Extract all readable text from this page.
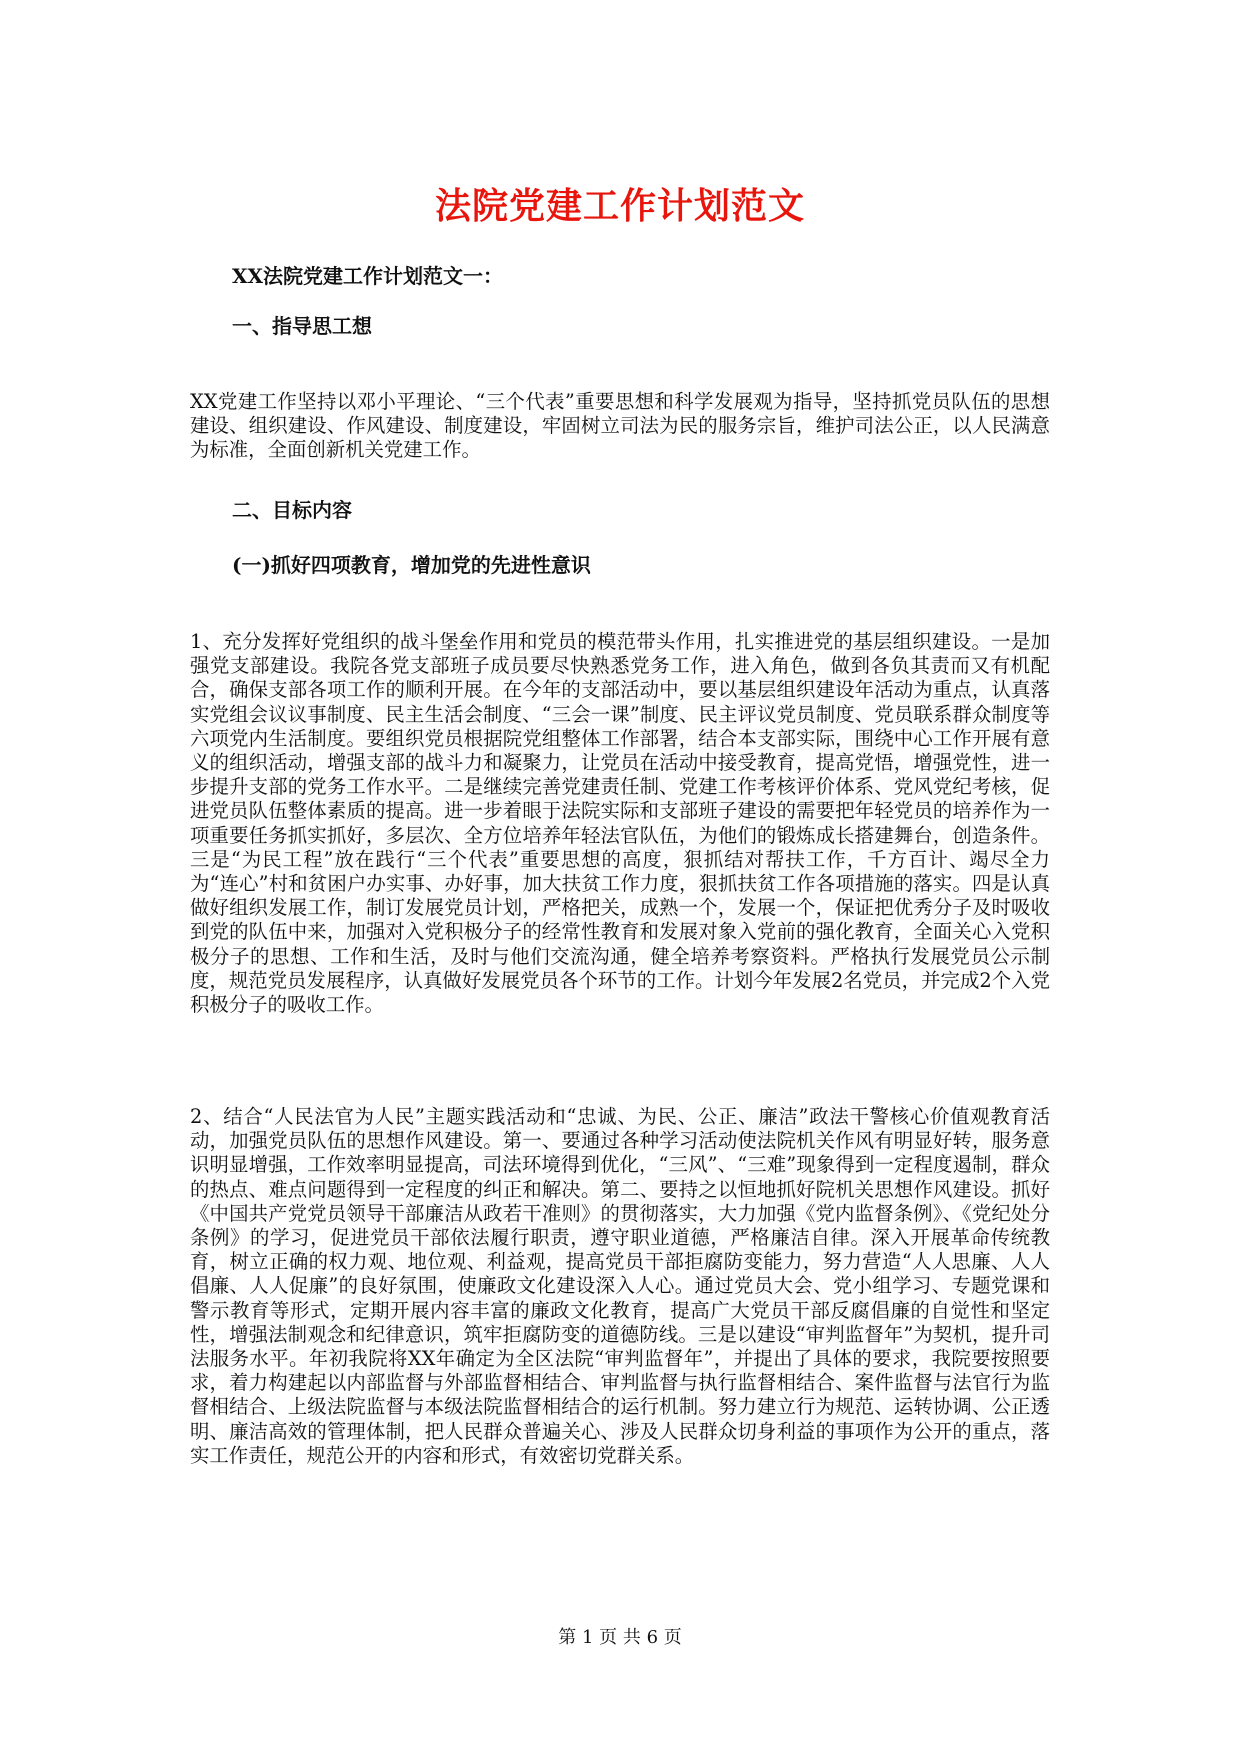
法院党建工作计划范文

XX法院党建工作计划范文一：

一、指导思工想

XX党建工作坚持以邓小平理论、“三个代表”重要思想和科学发展观为指导，坚持抓党员队伍的思想建设、组织建设、作风建设、制度建设，牢固树立司法为民的服务宗旨，维护司法公正，以人民满意为标准，全面创新机关党建工作。

二、目标内容

(一)抓好四项教育，增加党的先进性意识

1、充分发挥好党组织的战斗堡垒作用和党员的模范带头作用，扎实推进党的基层组织建设。一是加强党支部建设。我院各党支部班子成员要尽快熟悉党务工作，进入角色，做到各负其责而又有机配合，确保支部各项工作的顺利开展。在今年的支部活动中，要以基层组织建设年活动为重点，认真落实党组会议议事制度、民主生活会制度、“三会一课”制度、民主评议党员制度、党员联系群众制度等六项党内生活制度。要组织党员根据院党组整体工作部署，结合本支部实际，围绕中心工作开展有意义的组织活动，增强支部的战斗力和凝聚力，让党员在活动中接受教育，提高党悟，增强党性，进一步提升支部的党务工作水平。二是继续完善党建责任制、党建工作考核评价体系、党风党纪考核，促进党员队伍整体素质的提高。进一步着眼于法院实际和支部班子建设的需要把年轻党员的培养作为一项重要任务抓实抓好，多层次、全方位培养年轻法官队伍，为他们的锻炼成长搭建舞台，创造条件。三是“为民工程”放在践行“三个代表”重要思想的高度，狠抓结对帮扶工作，千方百计、竭尽全力为“连心”村和贫困户办实事、办好事，加大扶贫工作力度，狠抓扶贫工作各项措施的落实。四是认真做好组织发展工作，制订发展党员计划，严格把关，成熟一个，发展一个，保证把优秀分子及时吸收到党的队伍中来，加强对入党积极分子的经常性教育和发展对象入党前的强化教育，全面关心入党积极分子的思想、工作和生活，及时与他们交流沟通，健全培养考察资料。严格执行发展党员公示制度，规范党员发展程序，认真做好发展党员各个环节的工作。计划今年发展2名党员，并完成2个入党积极分子的吸收工作。

2、结合“人民法官为人民”主题实践活动和“忠诚、为民、公正、廉洁”政法干警核心价值观教育活动，加强党员队伍的思想作风建设。第一、要通过各种学习活动使法院机关作风有明显好转，服务意识明显增强，工作效率明显提高，司法环境得到优化，“三风”、“三难”现象得到一定程度遏制，群众的热点、难点问题得到一定程度的纠正和解决。第二、要持之以恒地抓好院机关思想作风建设。抓好《中国共产党党员领导干部廉洁从政若干准则》的贯彻落实，大力加强《党内监督条例》、《党纪处分条例》的学习，促进党员干部依法履行职责，遵守职业道德，严格廉洁自律。深入开展革命传统教育，树立正确的权力观、地位观、利益观，提高党员干部拒腐防变能力，努力营造“人人思廉、人人倡廉、人人促廉”的良好氛围，使廉政文化建设深入人心。通过党员大会、党小组学习、专题党课和警示教育等形式，定期开展内容丰富的廉政文化教育，提高广大党员干部反腐倡廉的自觉性和坚定性，增强法制观念和纪律意识，筑牢拒腐防变的道德防线。三是以建设“审判监督年”为契机，提升司法服务水平。年初我院将XX年确定为全区法院“审判监督年”，并提出了具体的要求，我院要按照要求，着力构建起以内部监督与外部监督相结合、审判监督与执行监督相结合、案件监督与法官行为监督相结合、上级法院监督与本级法院监督相结合的运行机制。努力建立行为规范、运转协调、公正透明、廉洁高效的管理体制，把人民群众普遍关心、涉及人民群众切身利益的事项作为公开的重点，落实工作责任，规范公开的内容和形式，有效密切党群关系。

第 1 页 共 6 页
